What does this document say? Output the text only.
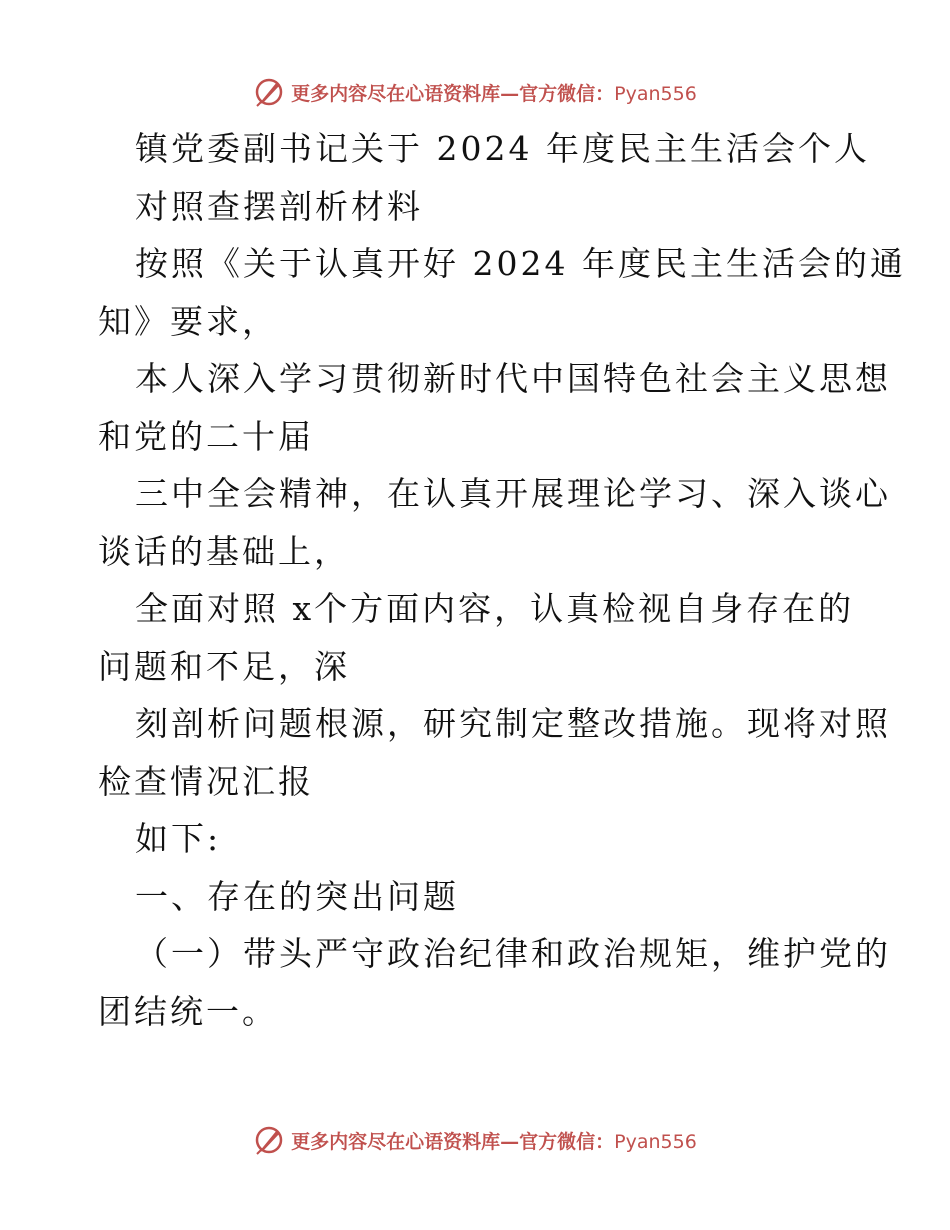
更多内容尽在心语资料库—官方微信：Pyan556
镇党委副书记关于 2024 年度民主生活会个人
对照查摆剖析材料
按照《关于认真开好 2024 年度民主生活会的通
知》要求，
本人深入学习贯彻新时代中国特色社会主义思想
和党的二十届
三中全会精神，在认真开展理论学习、深入谈心
谈话的基础上，
全面对照 x个方面内容，认真检视自身存在的
问题和不足，深
刻剖析问题根源，研究制定整改措施。现将对照
检查情况汇报
如下:
一、存在的突出问题
（一）带头严守政治纪律和政治规矩，维护党的
团结统一。
更多内容尽在心语资料库—官方微信：Pyan556
